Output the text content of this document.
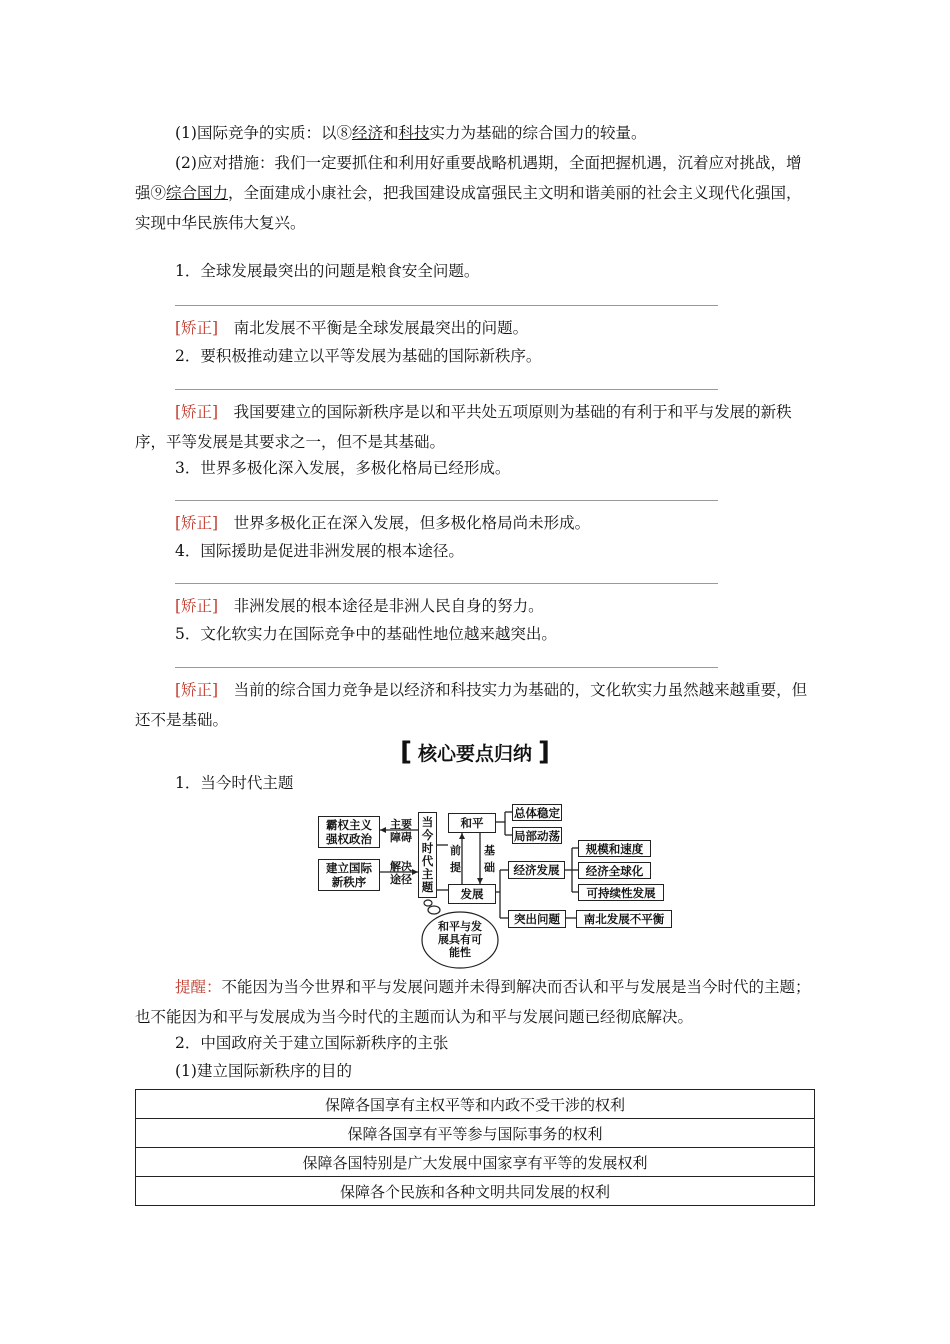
(1)国际竞争的实质：以⑧经济和科技实力为基础的综合国力的较量。
(2)应对措施：我们一定要抓住和利用好重要战略机遇期，全面把握机遇，沉着应对挑战，增强⑨综合国力，全面建成小康社会，把我国建设成富强民主文明和谐美丽的社会主义现代化强国，实现中华民族伟大复兴。
1．全球发展最突出的问题是粮食安全问题。
[矫正]　 南北发展不平衡是全球发展最突出的问题。
2．要积极推动建立以平等发展为基础的国际新秩序。
[矫正]　 我国要建立的国际新秩序是以和平共处五项原则为基础的有利于和平与发展的新秩序，平等发展是其要求之一，但不是其基础。
3．世界多极化深入发展，多极化格局已经形成。
[矫正]　 世界多极化正在深入发展，但多极化格局尚未形成。
4．国际援助是促进非洲发展的根本途径。
[矫正]　 非洲发展的根本途径是非洲人民自身的努力。
5．文化软实力在国际竞争中的基础性地位越来越突出。
[矫正]　 当前的综合国力竞争是以经济和科技实力为基础的，文化软实力虽然越来越重要，但还不是基础。
[ 核心要点归纳 ]
1．当今时代主题
霸权主义
强权政治
建立国际
新秩序
主要
障碍
解决
途径
当今时代主题
和平
发展
前
提
基
础
总体稳定
局部动荡
经济发展
规模和速度
经济全球化
可持续性发展
突出问题 南北发展不平衡
和平与发
展具有可
能性
提醒：不能因为当今世界和平与发展问题并未得到解决而否认和平与发展是当今时代的主题；也不能因为和平与发展成为当今时代的主题而认为和平与发展问题已经彻底解决。
2．中国政府关于建立国际新秩序的主张
(1)建立国际新秩序的目的
保障各国享有主权平等和内政不受干涉的权利
保障各国享有平等参与国际事务的权利
保障各国特别是广大发展中国家享有平等的发展权利
保障各个民族和各种文明共同发展的权利
